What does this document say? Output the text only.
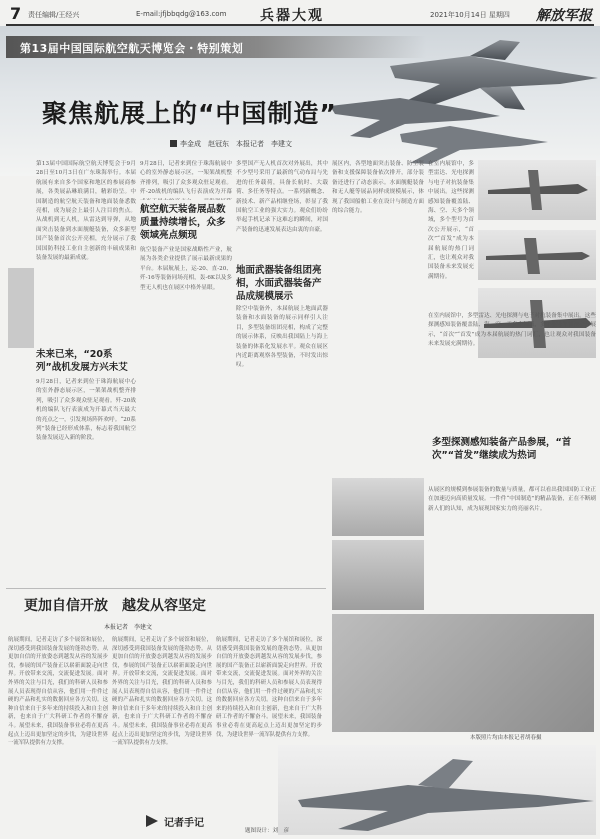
7 责任编辑/王经兴	E-mail:jfjbbqdg@163.com 兵器大观	2021年10月14日 星期四 解放军报
第13届中国国际航空航天博览会・特别策划
聚焦航展上的“中国制造”
李金成　赵冠东　本报记者　李建文
第13届中国国际航空航天博览会于9月28日至10月3日在广东珠海举行。本届航展有来自多个国家和地区的参展商参展，各类展品琳琅满目，精彩纷呈。中国制造的航空航天装备和地面装备悉数亮相，成为展会上最引人注目的焦点。从战机到无人机，从雷达到导弹，从地面突击装备到水面舰艇装备，众多新型国产装备首次公开亮相，充分展示了我国国防科技工业自主创新的丰硕成果和装备发展的最新成就。
未来已来，“20系列”战机发展方兴未艾
9月28日，记者来到位于珠海航展中心的室外静态展示区，一架架战机整齐排列，吸引了众多观众驻足观看。歼-20战机的编队飞行表演成为开幕式当天最大的亮点之一，引发现场阵阵欢呼。“20系列”装备已经形成体系，标志着我国航空装备发展迈入新的阶段。
9月28日，记者来到位于珠海航展中心的室外静态展示区，一架架战机整齐排列，吸引了众多观众驻足观看。歼-20战机的编队飞行表演成为开幕
航空航天装备展品数质量持续增长，众多领域亮点频现
航空装备产业是国家战略性产业，航展为各类企业提供了展示最新成果的平台。本届航展上，运-20、直-20、歼-16等装备同场亮相，轰-6K以及多型无人机也在展区中格外显眼。
多型国产无人机首次对外展出，其中不少型号采用了最新的气动布局与先进的任务载荷，具备长航时、大载荷、多任务等特点。一系列新概念、新技术、新产品相继登场，彰显了我国航空工业的强大实力。观众们纷纷举起手机记录下这难忘的瞬间，对国产装备的迅速发展表达由衷的自豪。
地面武器装备组团亮相，水面武器装备产品成规模展示
除空中装备外，本届航展上地面武器装备和水面装备的展示同样引人注目，多型装备组团亮相，构成了完整的展示体系，反映出我国陆上与海上装备的体系化发展水平。观众在展区内近距离观察各型装备，不时发出惊叹。
展区内，各型地面突击装备、防空装备和支援保障装备依次排开，部分装备还进行了动态演示。水面舰艇装备和无人艇等展品同样成规模展示，体现了我国船舶工业在设计与制造方面的综合能力。
在室内展馆中，多型雷达、光电探测与电子对抗装备集中展出。这些探测感知装备覆盖陆、海、空、天多个领域，多个型号为首次公开展示，“首次”“首发”成为本届航展的热门词汇，也让观众对我国装备未来发展充满期待。
在室内展馆中，多型雷达、光电探测与电子对抗装备集中展出。这些探测感知装备覆盖陆、海、空、天多个领域，多个型号为首次公开展示，“首次”“首发”成为本届航展的热门词汇，也让观众对我国装备未来发展充满期待。
多型探测感知装备产品参展，“首次”“首发”继续成为热词
从展区的规模到参展装备的数量与质量，都可以看出我国国防工业正在加速迈向高质量发展。一件件“中国制造”的精品装备，正在不断刷新人们的认知，成为展现国家实力的亮丽名片。
本版照片均由本报记者胡春摄
题图设计：刘　彦
更加自信开放　越发从容坚定
本报记者　李建文
航展期间，记者走访了多个展馆和展位，深切感受到我国装备发展的蓬勃态势。从更加自信的开放姿态到越发从容的发展步伐，参展的国产装备正以崭新面貌走向世界。开放带来交流，交流促进发展。面对外界的关注与目光，我们的科研人员和参展人员表现得自信从容，他们用一件件过硬的产品和扎实的数据回应各方关切。这种自信来自于多年来的持续投入和自主创新，也来自于广大科研工作者的不懈奋斗。展望未来，我国装备事业必将在更高起点上迈出更加坚定的步伐，为建设世界一流军队提供有力支撑。
航展期间，记者走访了多个展馆和展位，深切感受到我国装备发展的蓬勃态势。从更加自信的开放姿态到越发从容的发展步伐，参展的国产装备正以崭新面貌走向世界。开放带来交流，交流促进发展。面对外界的关注与目光，我们的科研人员和参展人员表现得自信从容，他们用一件件过硬的产品和扎实的数据回应各方关切。这种自信来自于多年来的持续投入和自主创新，也来自于广大科研工作者的不懈奋斗。展望未来，我国装备事业必将在更高起点上迈出更加坚定的步伐，为建设世界一流军队提供有力支撑。
航展期间，记者走访了多个展馆和展位，深切感受到我国装备发展的蓬勃态势。从更加自信的开放姿态到越发从容的发展步伐，参展的国产装备正以崭新面貌走向世界。开放带来交流，交流促进发展。面对外界的关注与目光，我们的科研人员和参展人员表现得自信从容，他们用一件件过硬的产品和扎实的数据回应各方关切。这种自信来自于多年来的持续投入和自主创新，也来自于广大科研工作者的不懈奋斗。展望未来，我国装备事业必将在更高起点上迈出更加坚定的步伐，为建设世界一流军队提供有力支撑。
记者手记
